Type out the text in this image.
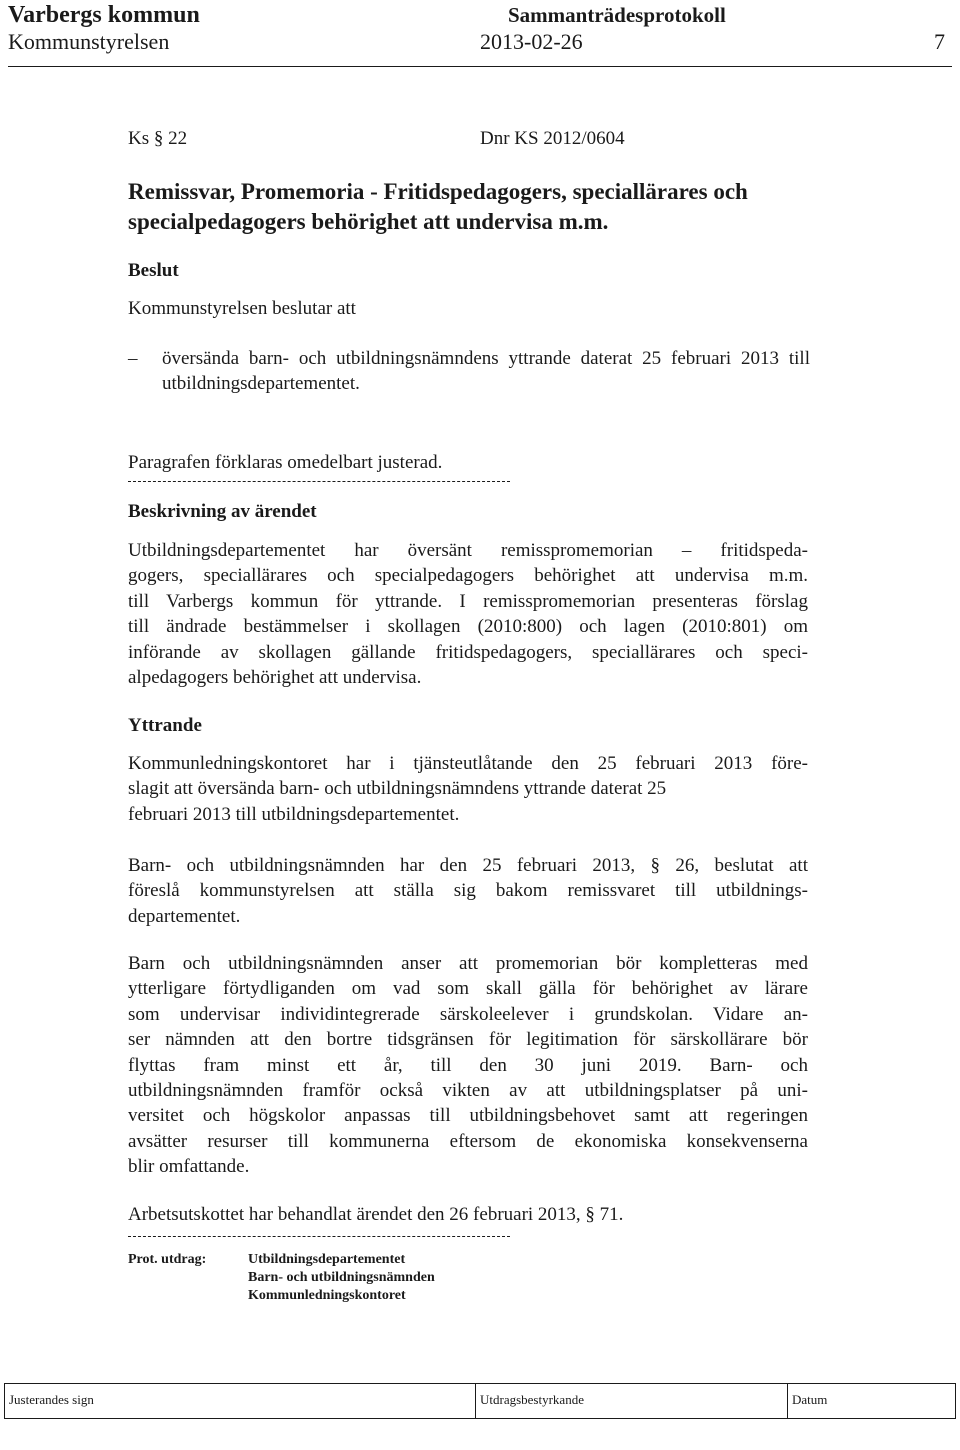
Varbergs kommun	Sammanträdesprotokoll
Kommunstyrelsen	2013-02-26	7
Ks § 22	Dnr KS 2012/0604
Remissvar, Promemoria - Fritidspedagogers, speciallärares och specialpedagogers behörighet att undervisa m.m.
Beslut
Kommunstyrelsen beslutar att
– översända barn- och utbildningsnämndens yttrande daterat 25 februari 2013 till utbildningsdepartementet.
Paragrafen förklaras omedelbart justerad.
Beskrivning av ärendet
Utbildningsdepartementet har översänt remisspromemorian – fritidspeda-
gogers, speciallärares och specialpedagogers behörighet att undervisa m.m.
till Varbergs kommun för yttrande. I remisspromemorian presenteras förslag
till ändrade bestämmelser i skollagen (2010:800) och lagen (2010:801) om
införande av skollagen gällande fritidspedagogers, speciallärares och speci-
alpedagogers behörighet att undervisa.
Yttrande
Kommunledningskontoret har i tjänsteutlåtande den 25 februari 2013 före-
slagit att översända barn- och utbildningsnämndens yttrande daterat 25
februari 2013 till utbildningsdepartementet.
Barn- och utbildningsnämnden har den 25 februari 2013, § 26, beslutat att
föreslå kommunstyrelsen att ställa sig bakom remissvaret till utbildnings-
departementet.
Barn och utbildningsnämnden anser att promemorian bör kompletteras med
ytterligare förtydliganden om vad som skall gälla för behörighet av lärare
som undervisar individintegrerade särskoleelever i grundskolan. Vidare an-
ser nämnden att den bortre tidsgränsen för legitimation för särskollärare bör
flyttas fram minst ett år, till den 30 juni 2019. Barn- och
utbildningsnämnden framför också vikten av att utbildningsplatser på uni-
versitet och högskolor anpassas till utbildningsbehovet samt att regeringen
avsätter resurser till kommunerna eftersom de ekonomiska konsekvenserna
blir omfattande.
Arbetsutskottet har behandlat ärendet den 26 februari 2013, § 71.
Prot. utdrag:	Utbildningsdepartementet
Barn- och utbildningsnämnden
Kommunledningskontoret
Justerandes sign	Utdragsbestyrkande	Datum
